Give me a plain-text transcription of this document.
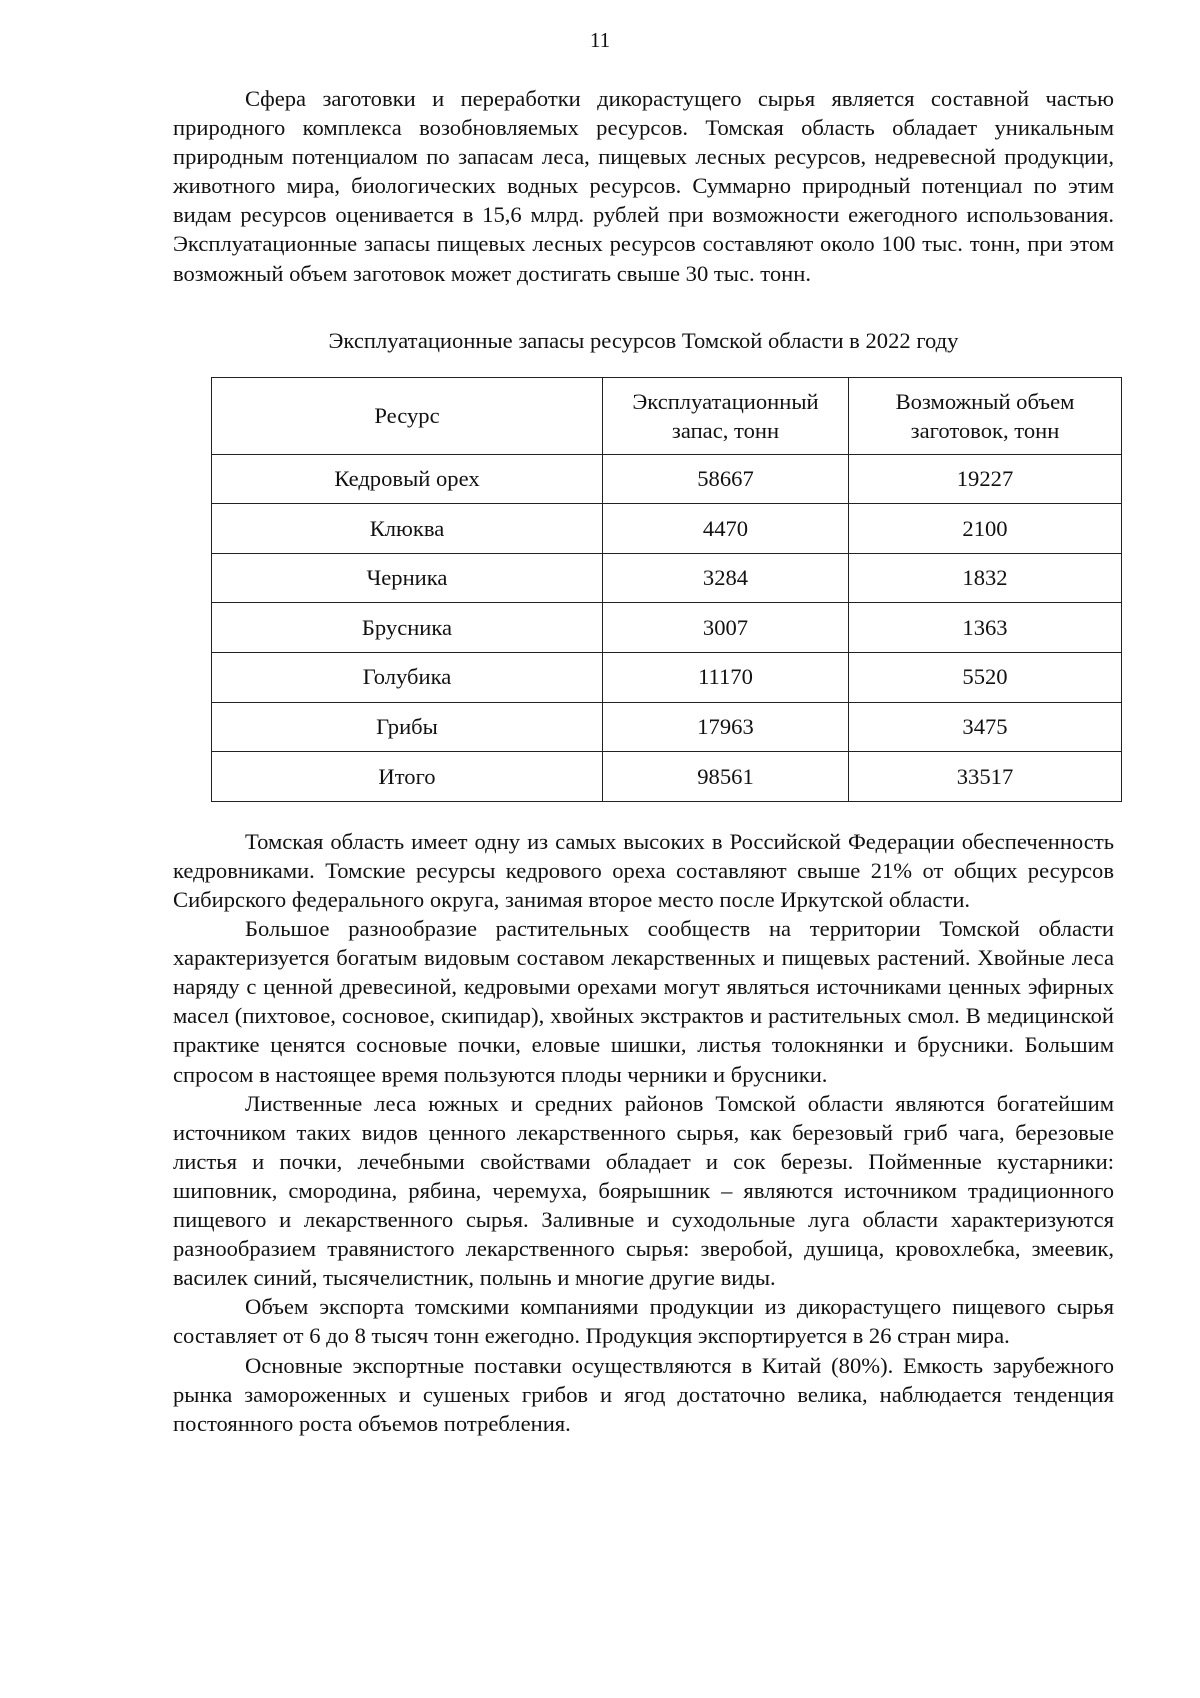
11

Сфера заготовки и переработки дикорастущего сырья является составной частью природного комплекса возобновляемых ресурсов. Томская область обладает уникальным природным потенциалом по запасам леса, пищевых лесных ресурсов, недревесной продукции, животного мира, биологических водных ресурсов. Суммарно природный потенциал по этим видам ресурсов оценивается в 15,6 млрд. рублей при возможности ежегодного использования. Эксплуатационные запасы пищевых лесных ресурсов составляют около 100 тыс. тонн, при этом возможный объем заготовок может достигать свыше 30 тыс. тонн.

Эксплуатационные запасы ресурсов Томской области в 2022 году
Ресурс	Эксплуатационный запас, тонн	Возможный объем заготовок, тонн
Кедровый орех	58667	19227
Клюква	4470	2100
Черника	3284	1832
Брусника	3007	1363
Голубика	11170	5520
Грибы	17963	3475
Итого	98561	33517

Томская область имеет одну из самых высоких в Российской Федерации обеспеченность кедровниками. Томские ресурсы кедрового ореха составляют свыше 21% от общих ресурсов Сибирского федерального округа, занимая второе место после Иркутской области.

Большое разнообразие растительных сообществ на территории Томской области характеризуется богатым видовым составом лекарственных и пищевых растений. Хвойные леса наряду с ценной древесиной, кедровыми орехами могут являться источниками ценных эфирных масел (пихтовое, сосновое, скипидар), хвойных экстрактов и растительных смол. В медицинской практике ценятся сосновые почки, еловые шишки, листья толокнянки и брусники. Большим спросом в настоящее время пользуются плоды черники и брусники.

Лиственные леса южных и средних районов Томской области являются богатейшим источником таких видов ценного лекарственного сырья, как березовый гриб чага, березовые листья и почки, лечебными свойствами обладает и сок березы. Пойменные кустарники: шиповник, смородина, рябина, черемуха, боярышник – являются источником традиционного пищевого и лекарственного сырья. Заливные и суходольные луга области характеризуются разнообразием травянистого лекарственного сырья: зверобой, душица, кровохлебка, змеевик, василек синий, тысячелистник, полынь и многие другие виды.

Объем экспорта томскими компаниями продукции из дикорастущего пищевого сырья составляет от 6 до 8 тысяч тонн ежегодно. Продукция экспортируется в 26 стран мира.

Основные экспортные поставки осуществляются в Китай (80%). Емкость зарубежного рынка замороженных и сушеных грибов и ягод достаточно велика, наблюдается тенденция постоянного роста объемов потребления.
